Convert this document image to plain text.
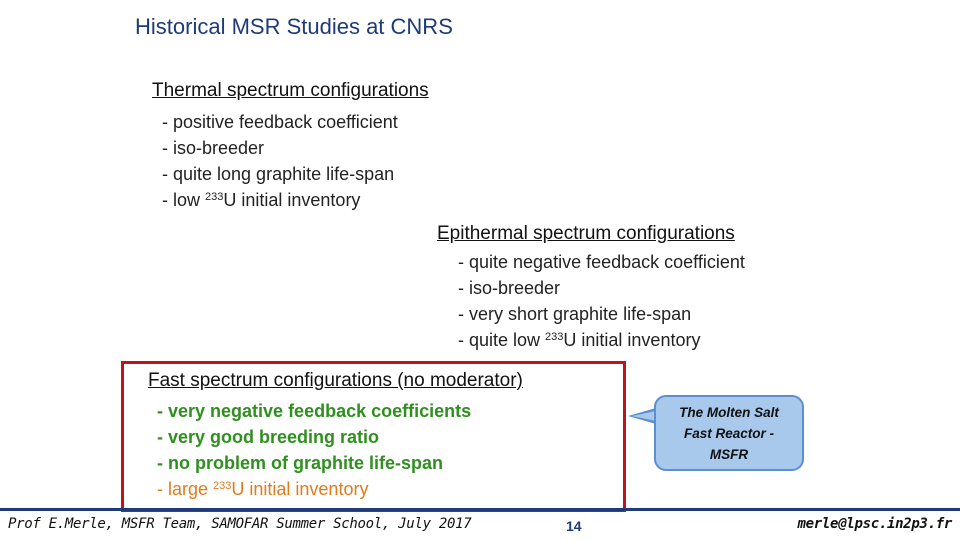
Historical MSR Studies at CNRS
Thermal spectrum configurations
- positive feedback coefficient
- iso-breeder
- quite long graphite life-span
- low $^{233}$U initial inventory
Epithermal spectrum configurations
- quite negative feedback coefficient
- iso-breeder
- very short graphite life-span
- quite low $^{233}$U initial inventory
Fast spectrum configurations (no moderator)
- very negative feedback coefficients
- very good breeding ratio
- no problem of graphite life-span
- large $^{233}$U initial inventory
The Molten Salt
Fast Reactor -
MSFR
Prof E.Merle, MSFR Team, SAMOFAR Summer School, July 2017	14	merle@lpsc.in2p3.fr
